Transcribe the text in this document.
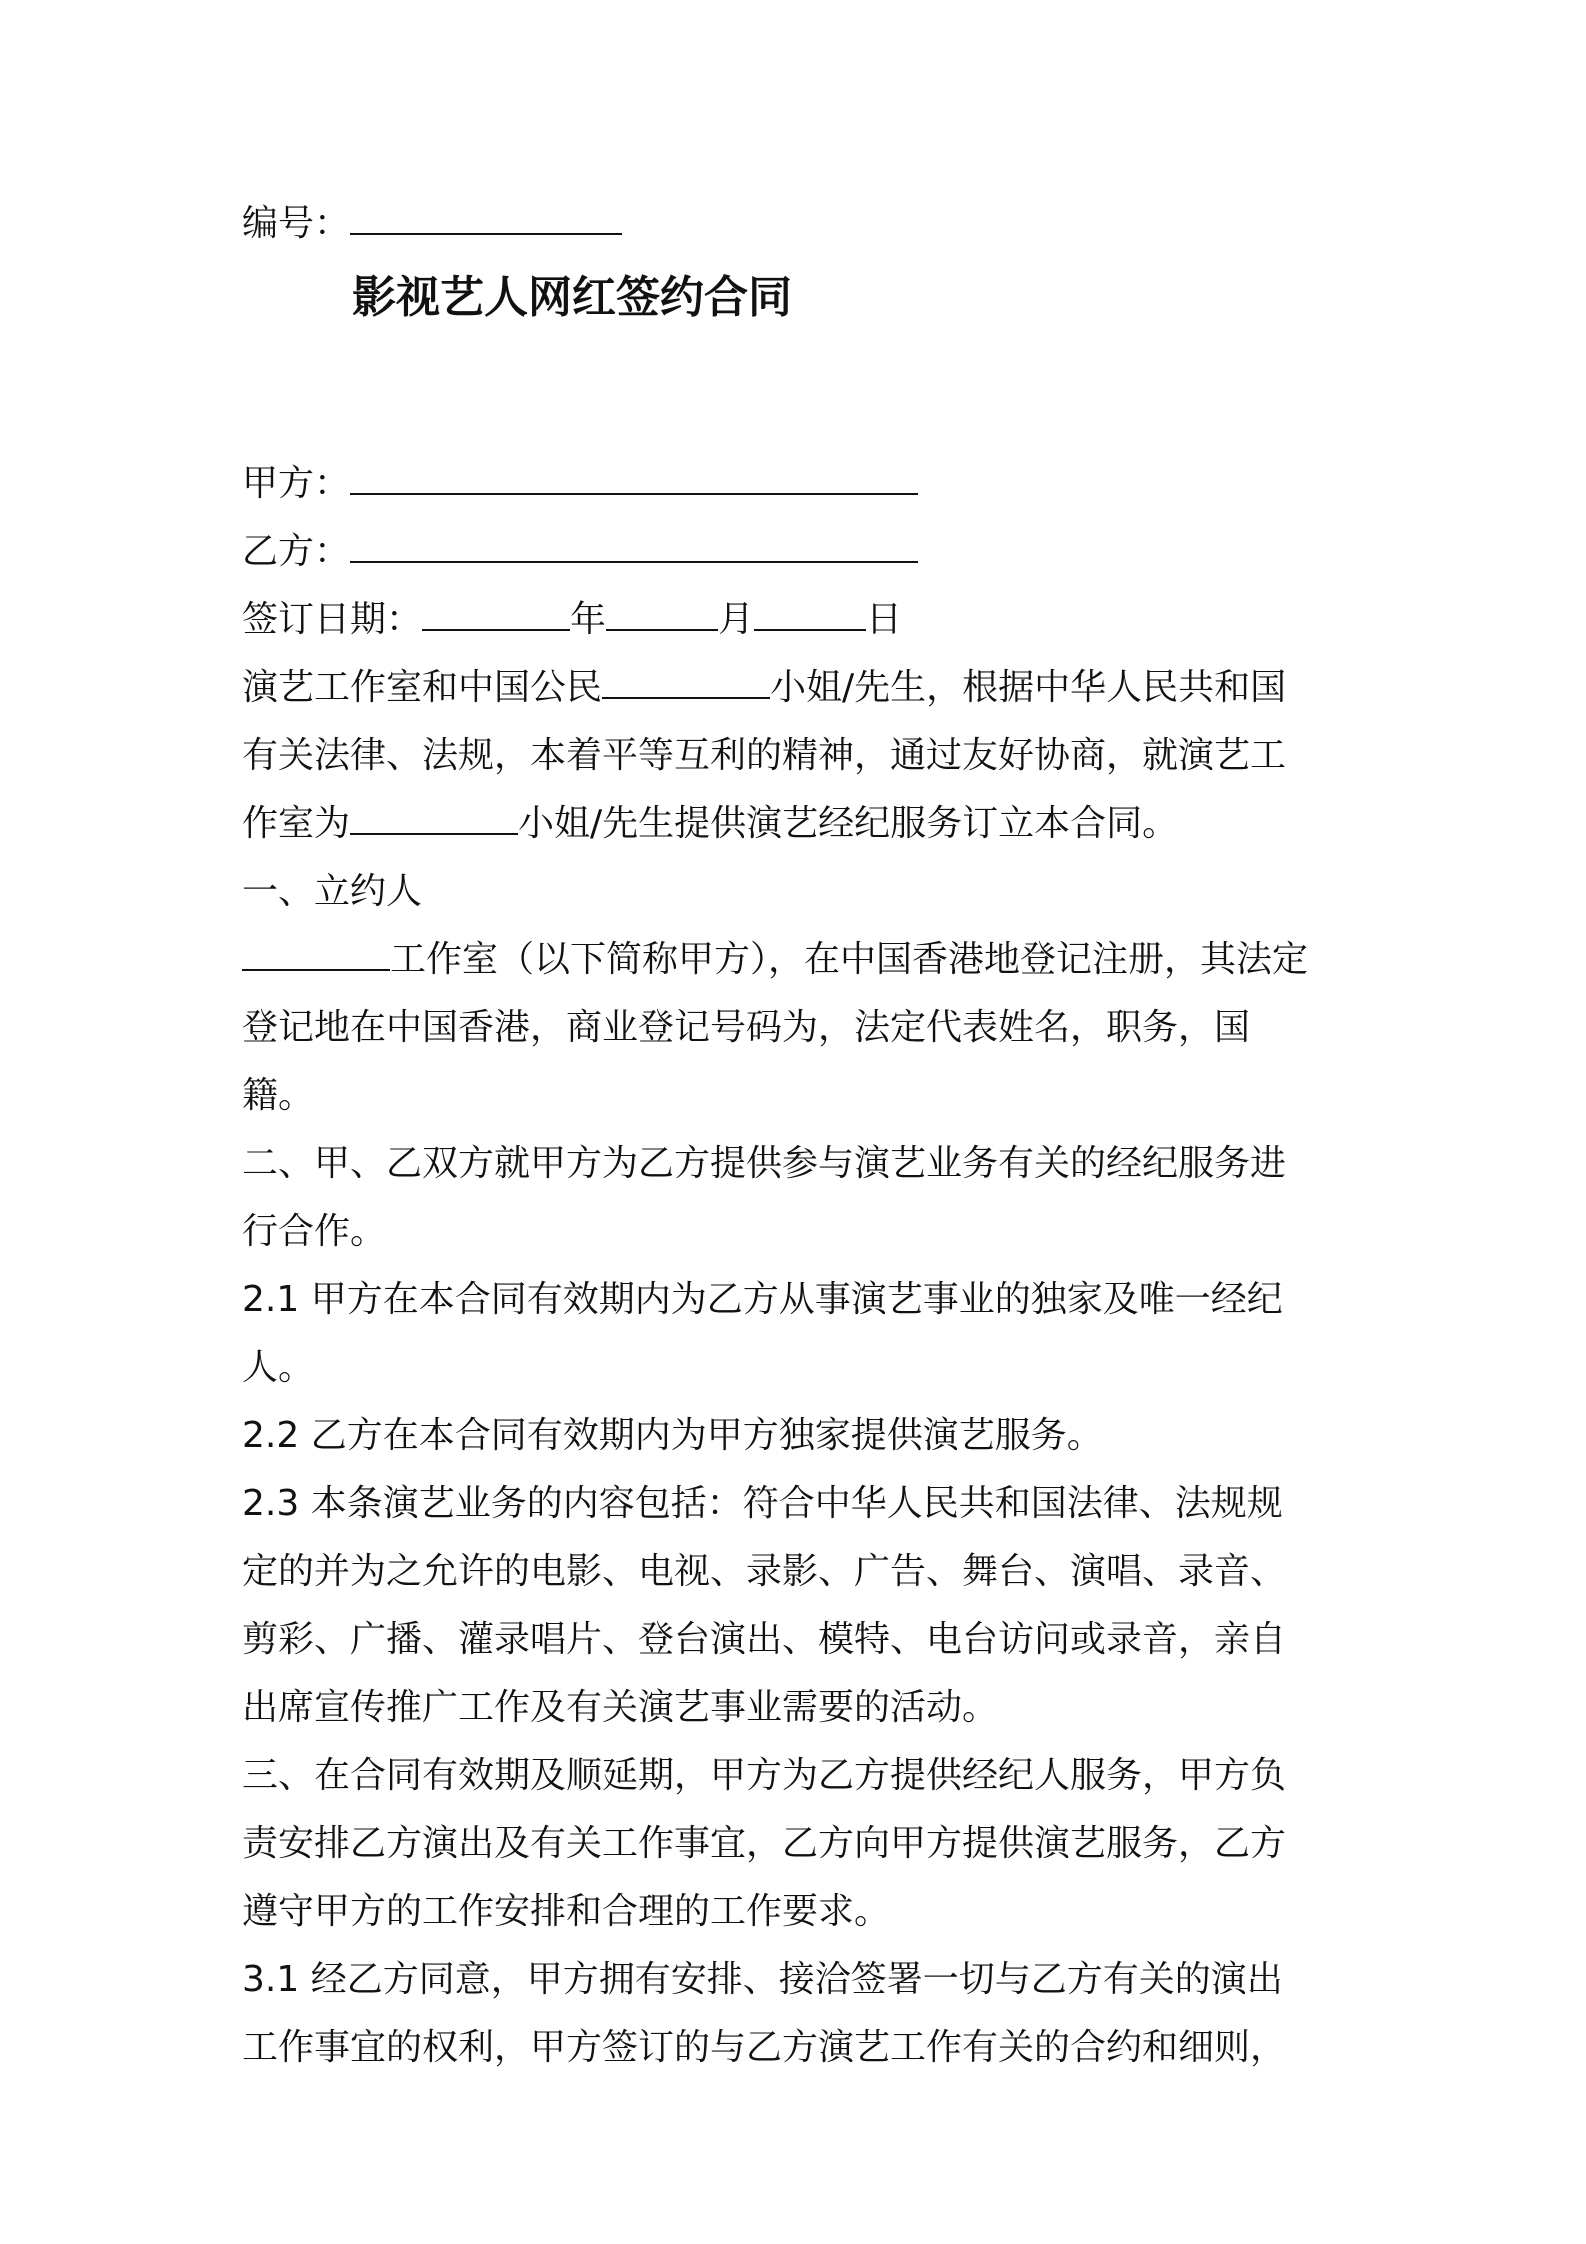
编号：
影视艺人网红签约合同
甲方：
乙方：
签订日期：	年	月	日
演艺工作室和中国公民	小姐/先生，根据中华人民共和国
有关法律、法规，本着平等互利的精神，通过友好协商，就演艺工
作室为	小姐/先生提供演艺经纪服务订立本合同。
一、立约人
工作室（以下简称甲方），在中国香港地登记注册，其法定
登记地在中国香港，商业登记号码为，法定代表姓名，职务，国
籍。
二、甲、乙双方就甲方为乙方提供参与演艺业务有关的经纪服务进
行合作。
2.1 甲方在本合同有效期内为乙方从事演艺事业的独家及唯一经纪
人。
2.2 乙方在本合同有效期内为甲方独家提供演艺服务。
2.3 本条演艺业务的内容包括：符合中华人民共和国法律、法规规
定的并为之允许的电影、电视、录影、广告、舞台、演唱、录音、
剪彩、广播、灌录唱片、登台演出、模特、电台访问或录音，亲自
出席宣传推广工作及有关演艺事业需要的活动。
三、在合同有效期及顺延期，甲方为乙方提供经纪人服务，甲方负
责安排乙方演出及有关工作事宜，乙方向甲方提供演艺服务，乙方
遵守甲方的工作安排和合理的工作要求。
3.1 经乙方同意，甲方拥有安排、接洽签署一切与乙方有关的演出
工作事宜的权利，甲方签订的与乙方演艺工作有关的合约和细则，
